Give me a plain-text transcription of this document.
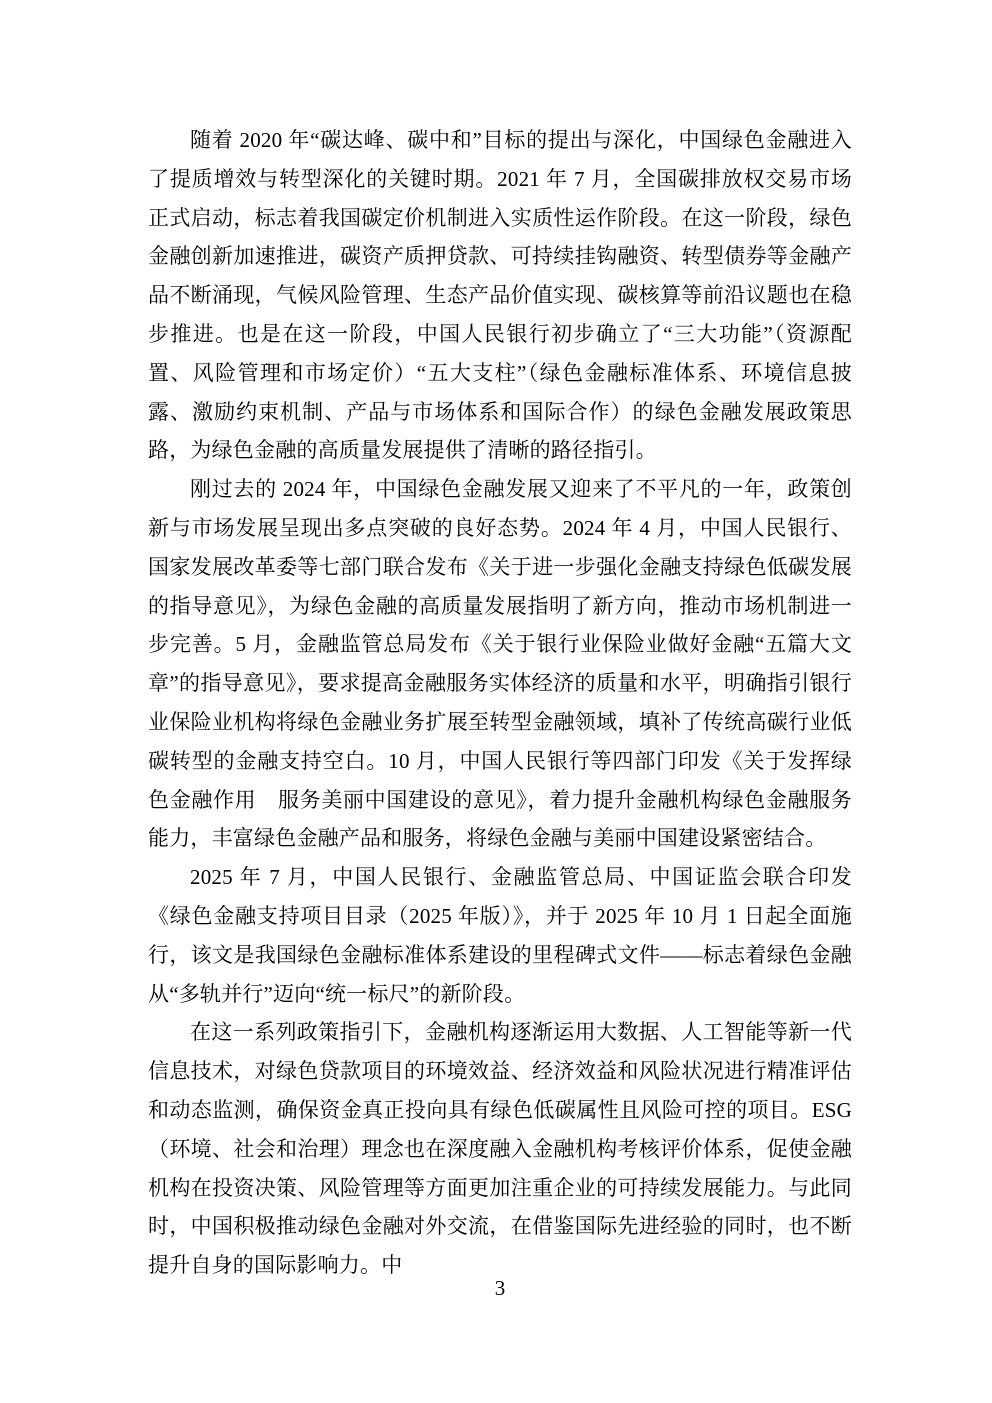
随着 2020 年“碳达峰、碳中和”目标的提出与深化，中国绿色金融进入了提质增效与转型深化的关键时期。2021 年 7 月，全国碳排放权交易市场正式启动，标志着我国碳定价机制进入实质性运作阶段。在这一阶段，绿色金融创新加速推进，碳资产质押贷款、可持续挂钩融资、转型债券等金融产品不断涌现，气候风险管理、生态产品价值实现、碳核算等前沿议题也在稳步推进。也是在这一阶段，中国人民银行初步确立了“三大功能”（资源配置、风险管理和市场定价）“五大支柱”（绿色金融标准体系、环境信息披露、激励约束机制、产品与市场体系和国际合作）的绿色金融发展政策思路，为绿色金融的高质量发展提供了清晰的路径指引。

刚过去的 2024 年，中国绿色金融发展又迎来了不平凡的一年，政策创新与市场发展呈现出多点突破的良好态势。2024 年 4 月，中国人民银行、国家发展改革委等七部门联合发布《关于进一步强化金融支持绿色低碳发展的指导意见》，为绿色金融的高质量发展指明了新方向，推动市场机制进一步完善。5 月，金融监管总局发布《关于银行业保险业做好金融“五篇大文章”的指导意见》，要求提高金融服务实体经济的质量和水平，明确指引银行业保险业机构将绿色金融业务扩展至转型金融领域，填补了传统高碳行业低碳转型的金融支持空白。10 月，中国人民银行等四部门印发《关于发挥绿色金融作用　服务美丽中国建设的意见》，着力提升金融机构绿色金融服务能力，丰富绿色金融产品和服务，将绿色金融与美丽中国建设紧密结合。

2025 年 7 月，中国人民银行、金融监管总局、中国证监会联合印发《绿色金融支持项目目录（2025 年版）》，并于 2025 年 10 月 1 日起全面施行，该文是我国绿色金融标准体系建设的里程碑式文件——标志着绿色金融从“多轨并行”迈向“统一标尺”的新阶段。

在这一系列政策指引下，金融机构逐渐运用大数据、人工智能等新一代信息技术，对绿色贷款项目的环境效益、经济效益和风险状况进行精准评估和动态监测，确保资金真正投向具有绿色低碳属性且风险可控的项目。ESG（环境、社会和治理）理念也在深度融入金融机构考核评价体系，促使金融机构在投资决策、风险管理等方面更加注重企业的可持续发展能力。与此同时，中国积极推动绿色金融对外交流，在借鉴国际先进经验的同时，也不断提升自身的国际影响力。中

3
